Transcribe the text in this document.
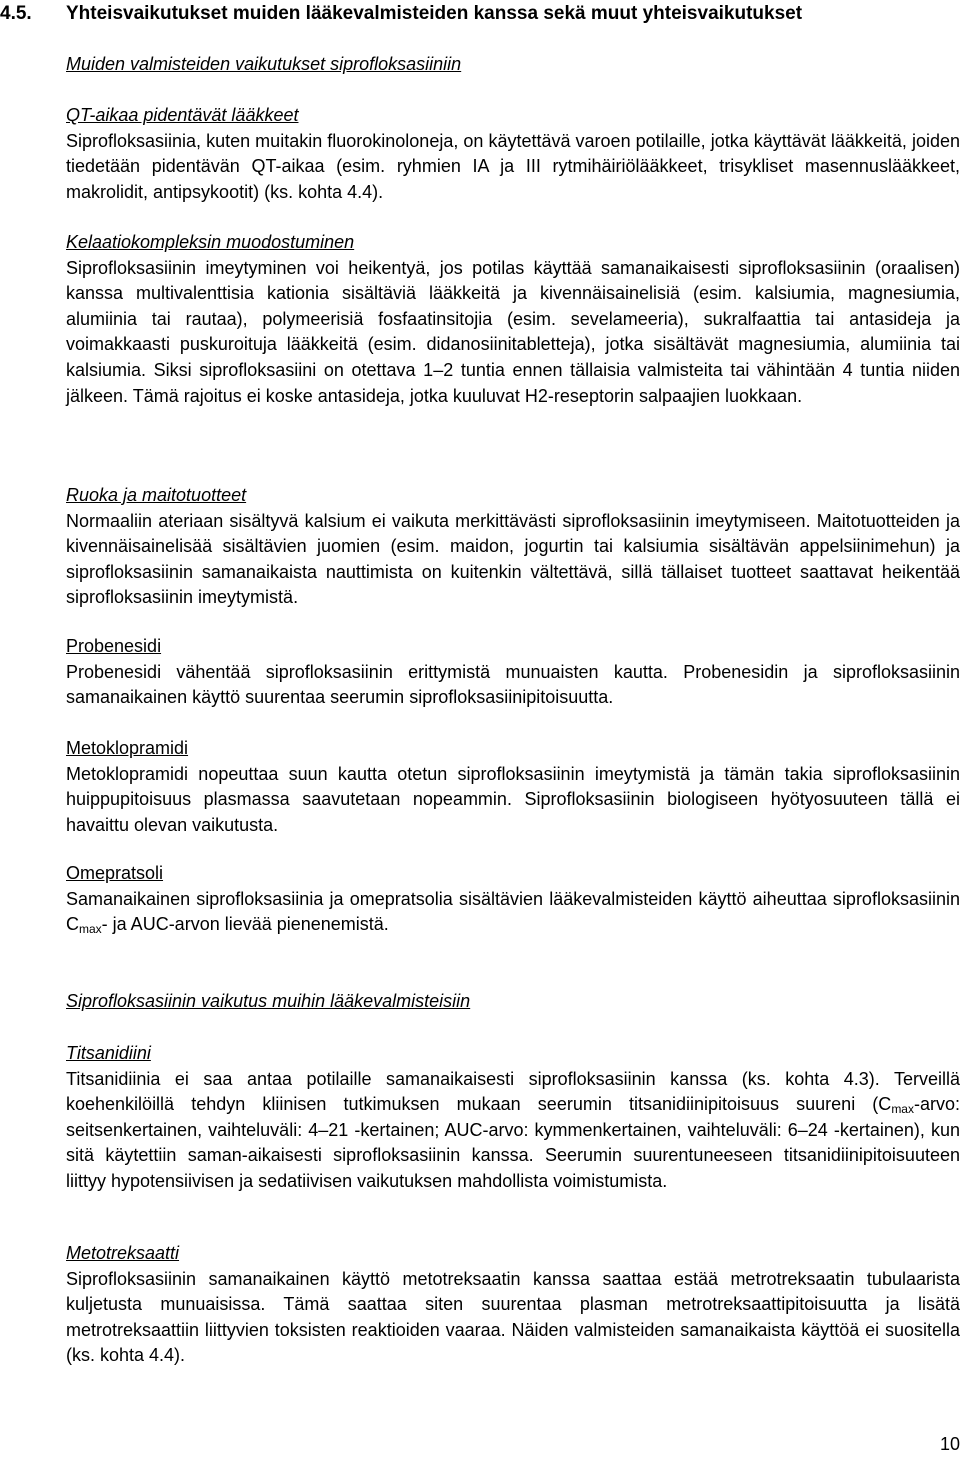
4.5. Yhteisvaikutukset muiden lääkevalmisteiden kanssa sekä muut yhteisvaikutukset

Muiden valmisteiden vaikutukset siprofloksasiiniin

QT-aikaa pidentävät lääkkeet

Siprofloksasiinia, kuten muitakin fluorokinoloneja, on käytettävä varoen potilaille, jotka käyttävät lääkkeitä, joiden tiedetään pidentävän QT-aikaa (esim. ryhmien IA ja III rytmihäiriölääkkeet, trisykliset masennuslääkkeet, makrolidit, antipsykootit) (ks. kohta 4.4).

Kelaatiokompleksin muodostuminen

Siprofloksasiinin imeytyminen voi heikentyä, jos potilas käyttää samanaikaisesti siprofloksasiinin (oraalisen) kanssa multivalenttisia kationia sisältäviä lääkkeitä ja kivennäisainelisiä (esim. kalsiumia, magnesiumia, alumiinia tai rautaa), polymeerisiä fosfaatinsitojia (esim. sevelameeria), sukralfaattia tai antasideja ja voimakkaasti puskuroituja lääkkeitä (esim. didanosiinitabletteja), jotka sisältävät magnesiumia, alumiinia tai kalsiumia. Siksi siprofloksasiini on otettava 1–2 tuntia ennen tällaisia valmisteita tai vähintään 4 tuntia niiden jälkeen. Tämä rajoitus ei koske antasideja, jotka kuuluvat H2-reseptorin salpaajien luokkaan.

Ruoka ja maitotuotteet

Normaaliin ateriaan sisältyvä kalsium ei vaikuta merkittävästi siprofloksasiinin imeytymiseen. Maitotuotteiden ja kivennäisainelisää sisältävien juomien (esim. maidon, jogurtin tai kalsiumia sisältävän appelsiinimehun) ja siprofloksasiinin samanaikaista nauttimista on kuitenkin vältettävä, sillä tällaiset tuotteet saattavat heikentää siprofloksasiinin imeytymistä.

Probenesidi

Probenesidi vähentää siprofloksasiinin erittymistä munuaisten kautta. Probenesidin ja siprofloksasiinin samanaikainen käyttö suurentaa seerumin siprofloksasiinipitoisuutta.

Metoklopramidi

Metoklopramidi nopeuttaa suun kautta otetun siprofloksasiinin imeytymistä ja tämän takia siprofloksasiinin huippupitoisuus plasmassa saavutetaan nopeammin. Siprofloksasiinin biologiseen hyötyosuuteen tällä ei havaittu olevan vaikutusta.

Omepratsoli

Samanaikainen siprofloksasiinia ja omepratsolia sisältävien lääkevalmisteiden käyttö aiheuttaa siprofloksasiinin $C_{max}-$ ja AUC-arvon lievää pienenemistä.

Siprofloksasiinin vaikutus muihin lääkevalmisteisiin

Titsanidiini

Titsanidiinia ei saa antaa potilaille samanaikaisesti siprofloksasiinin kanssa (ks. kohta 4.3). Terveillä koehenkilöillä tehdyn kliinisen tutkimuksen mukaan seerumin titsanidiinipitoisuus suureni ($C_{max}$-arvo: seitsenkertainen, vaihteluväli: 4–21 -kertainen; AUC-arvo: kymmenkertainen, vaihteluväli: 6–24 -kertainen), kun sitä käytettiin saman-aikaisesti siprofloksasiinin kanssa. Seerumin suurentuneeseen titsanidiinipitoisuuteen liittyy hypotensiivisen ja sedatiivisen vaikutuksen mahdollista voimistumista.

Metotreksaatti

Siprofloksasiinin samanaikainen käyttö metotreksaatin kanssa saattaa estää metrotreksaatin tubulaarista kuljetusta munuaisissa. Tämä saattaa siten suurentaa plasman metrotreksaattipitoisuutta ja lisätä metrotreksaattiin liittyvien toksisten reaktioiden vaaraa. Näiden valmisteiden samanaikaista käyttöä ei suositella (ks. kohta 4.4).

10
